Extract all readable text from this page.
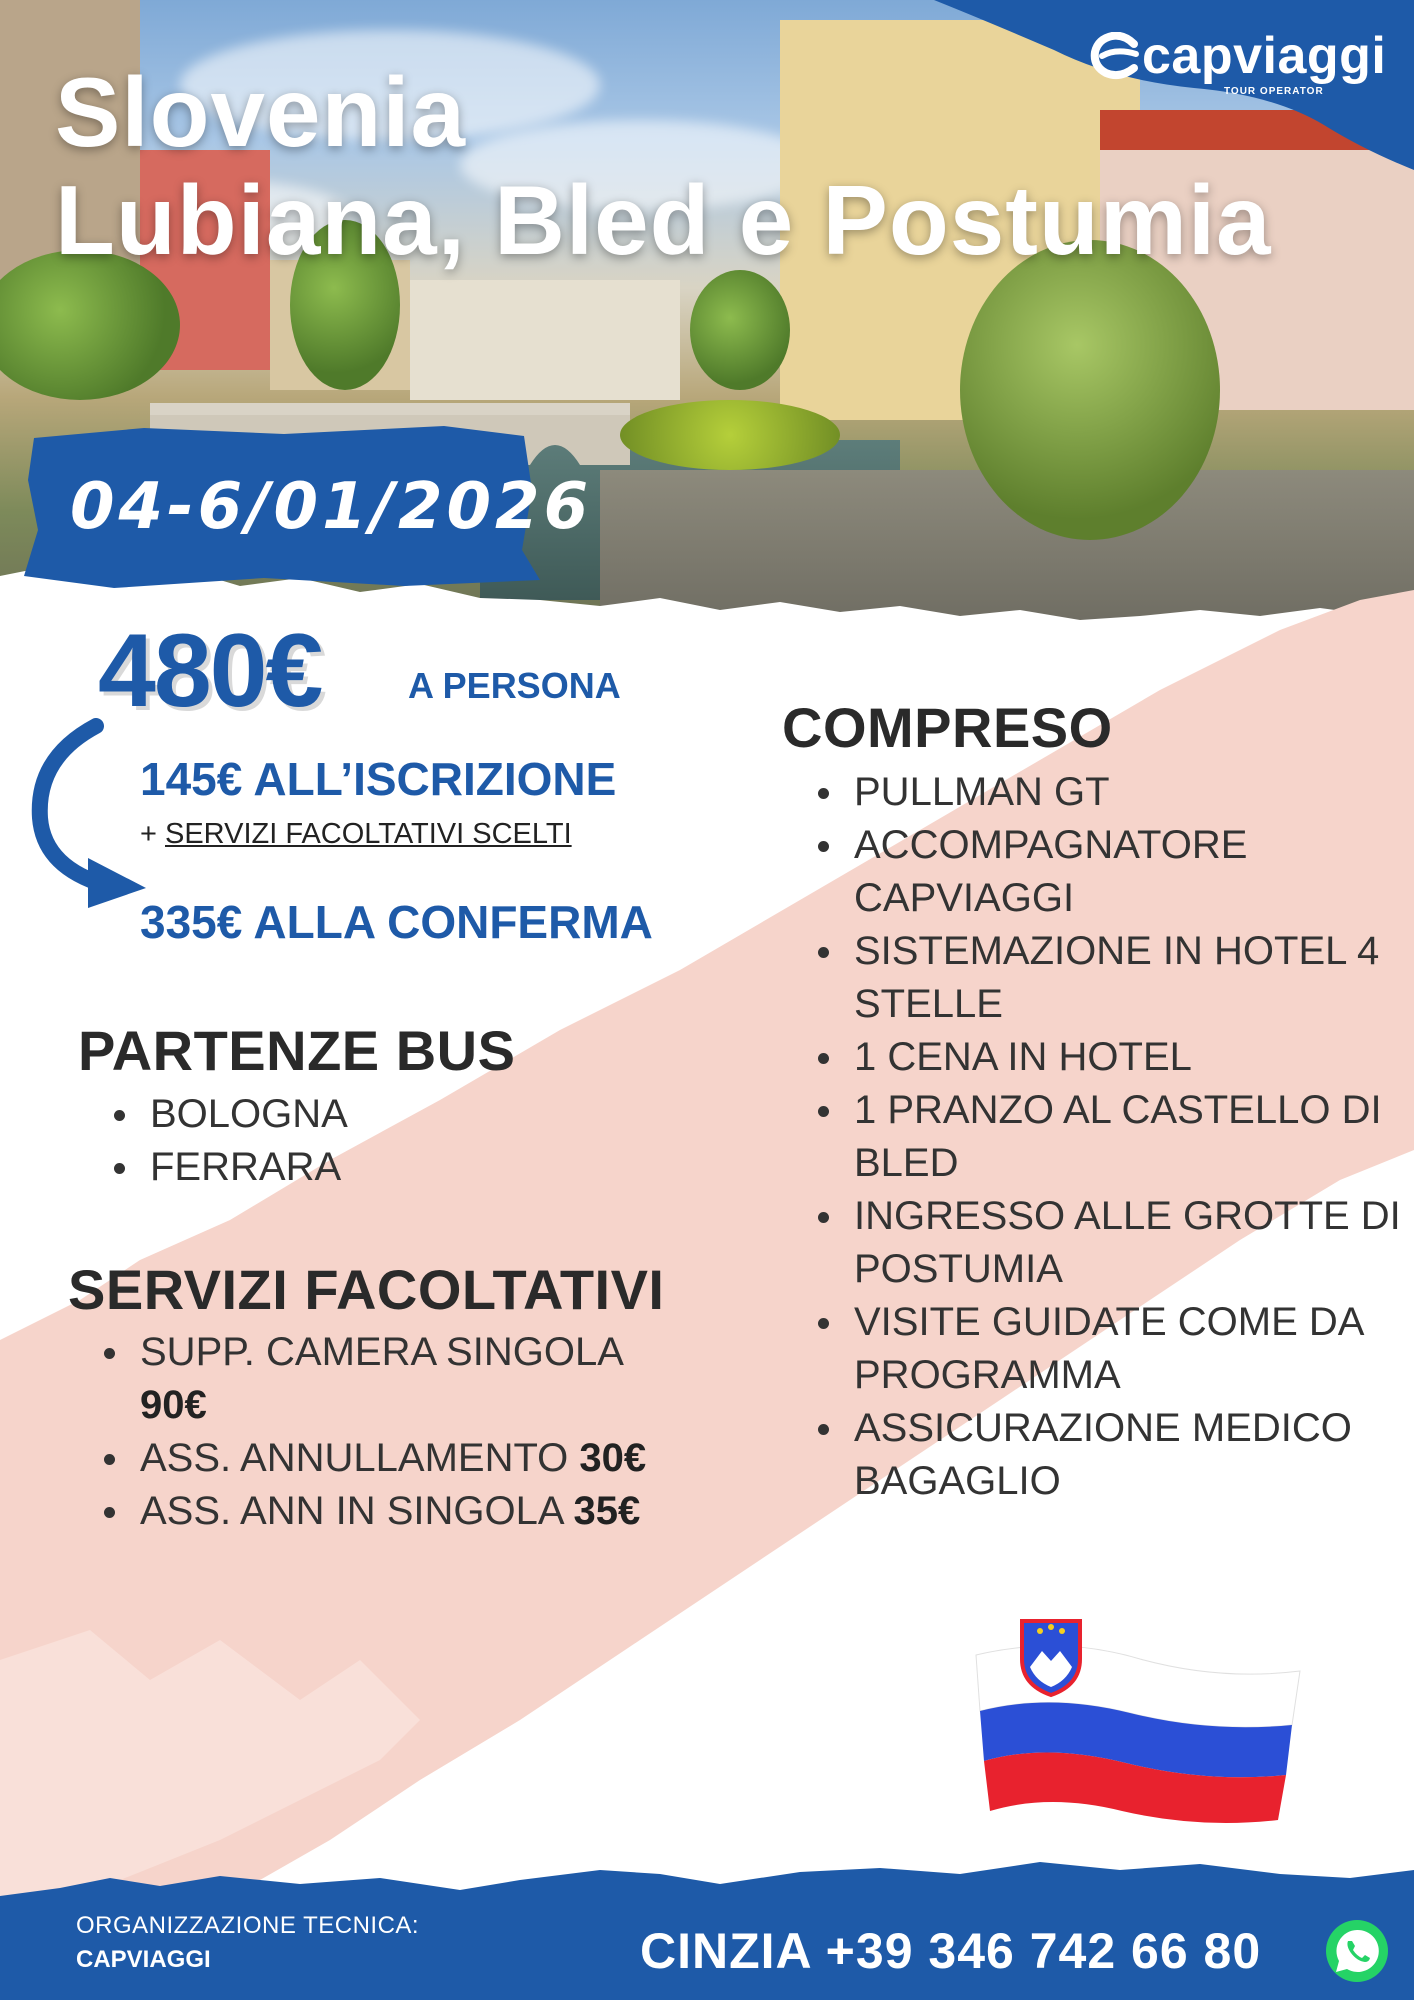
Slovenia
Lubiana, Bled e Postumia
capviaggi
TOUR OPERATOR
04-6/01/2026
480€ A PERSONA
145€ ALL’ISCRIZIONE
+ SERVIZI FACOLTATIVI SCELTI
335€ ALLA CONFERMA
PARTENZE BUS
BOLOGNA
FERRARA
SERVIZI FACOLTATIVI
SUPP. CAMERA SINGOLA
90€
ASS. ANNULLAMENTO 30€
ASS. ANN IN SINGOLA 35€
COMPRESO
PULLMAN GT
ACCOMPAGNATORE CAPVIAGGI
SISTEMAZIONE IN HOTEL 4 STELLE
1 CENA IN HOTEL
1 PRANZO AL CASTELLO DI BLED
INGRESSO ALLE GROTTE DI POSTUMIA
VISITE GUIDATE COME DA PROGRAMMA
ASSICURAZIONE MEDICO BAGAGLIO
ORGANIZZAZIONE TECNICA:
CAPVIAGGI	CINZIA +39 346 742 66 80
